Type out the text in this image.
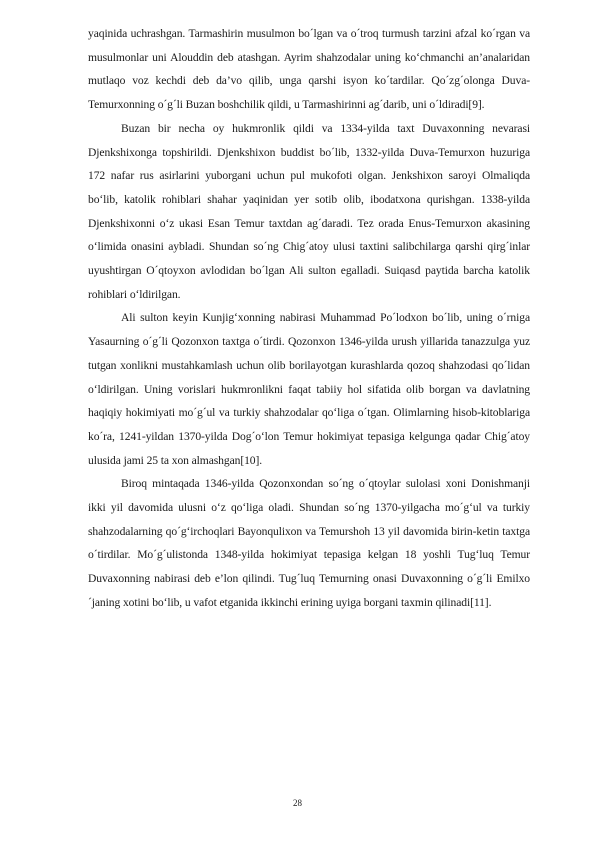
yaqinida uchrashgan. Tarmashirin musulmon bo´lgan va o´troq turmush tarzini afzal ko´rgan va musulmonlar uni Alouddin deb atashgan. Ayrim shahzodalar uning ko‘chmanchi an’analaridan mutlaqo voz kechdi deb da’vo qilib, unga qarshi isyon ko´tardilar. Qo´zg´olonga Duva-Temurxonning o´g´li Buzan boshchilik qildi, u Tarmashirinni ag´darib, uni o´ldiradi[9].

Buzan bir necha oy hukmronlik qildi va 1334-yilda taxt Duvaxonning nevarasi Djenkshixonga topshirildi. Djenkshixon buddist bo´lib, 1332-yilda Duva-Temurxon huzuriga 172 nafar rus asirlarini yuborgani uchun pul mukofoti olgan. Jenkshixon saroyi Olmaliqda bo‘lib, katolik rohiblari shahar yaqinidan yer sotib olib, ibodatxona qurishgan. 1338-yilda Djenkshixonni o‘z ukasi Esan Temur taxtdan ag´daradi. Tez orada Enus-Temurxon akasining o‘limida onasini aybladi. Shundan so´ng Chig´atoy ulusi taxtini salibchilarga qarshi qirg´inlar uyushtirgan O´qtoyxon avlodidan bo´lgan Ali sulton egalladi. Suiqasd paytida barcha katolik rohiblari o‘ldirilgan.

Ali sulton keyin Kunjig‘xonning nabirasi Muhammad Po´lodxon bo´lib, uning o´rniga Yasaurning o´g´li Qozonxon taxtga o´tirdi. Qozonxon 1346-yilda urush yillarida tanazzulga yuz tutgan xonlikni mustahkamlash uchun olib borilayotgan kurashlarda qozoq shahzodasi qo´lidan o‘ldirilgan. Uning vorislari hukmronlikni faqat tabiiy hol sifatida olib borgan va davlatning haqiqiy hokimiyati mo´g´ul va turkiy shahzodalar qo‘liga o´tgan. Olimlarning hisob-kitoblariga ko´ra, 1241-yildan 1370-yilda Dog´o‘lon Temur hokimiyat tepasiga kelgunga qadar Chig´atoy ulusida jami 25 ta xon almashgan[10].

Biroq mintaqada 1346-yilda Qozonxondan so´ng o´qtoylar sulolasi xoni Donishmanji ikki yil davomida ulusni o‘z qo‘liga oladi. Shundan so´ng 1370-yilgacha mo´g‘ul va turkiy shahzodalarning qo´g‘irchoqlari Bayonqulixon va Temurshoh 13 yil davomida birin-ketin taxtga o´tirdilar. Mo´g´ulistonda 1348-yilda hokimiyat tepasiga kelgan 18 yoshli Tug‘luq Temur Duvaxonning nabirasi deb e’lon qilindi. Tug´luq Temurning onasi Duvaxonning o´g´li Emilxo´janing xotini bo‘lib, u vafot etganida ikkinchi erining uyiga borgani taxmin qilinadi[11].

28
